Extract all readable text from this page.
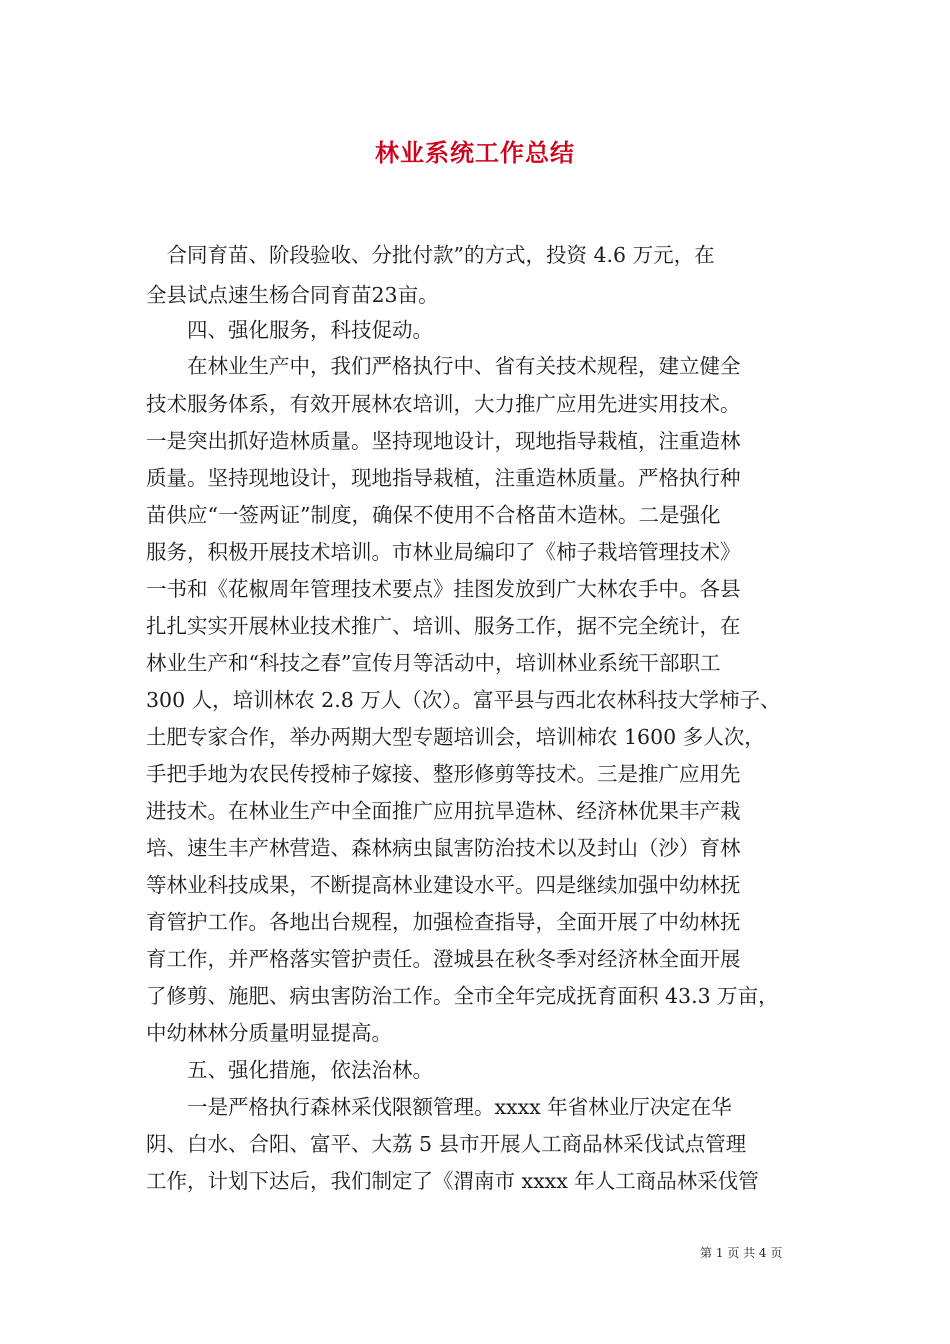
林业系统工作总结
　合同育苗、阶段验收、分批付款”的方式，投资 4.6 万元，在
全县试点速生杨合同育苗23亩。
　　四、强化服务，科技促动。
　　在林业生产中，我们严格执行中、省有关技术规程，建立健全
技术服务体系，有效开展林农培训，大力推广应用先进实用技术。
一是突出抓好造林质量。坚持现地设计，现地指导栽植，注重造林
质量。坚持现地设计，现地指导栽植，注重造林质量。严格执行种
苗供应“一签两证”制度，确保不使用不合格苗木造林。二是强化
服务，积极开展技术培训。市林业局编印了《柿子栽培管理技术》
一书和《花椒周年管理技术要点》挂图发放到广大林农手中。各县
扎扎实实开展林业技术推广、培训、服务工作，据不完全统计，在
林业生产和“科技之春”宣传月等活动中，培训林业系统干部职工
300 人，培训林农 2.8 万人（次）。富平县与西北农林科技大学柿子、
土肥专家合作，举办两期大型专题培训会，培训柿农 1600 多人次，
手把手地为农民传授柿子嫁接、整形修剪等技术。三是推广应用先
进技术。在林业生产中全面推广应用抗旱造林、经济林优果丰产栽
培、速生丰产林营造、森林病虫鼠害防治技术以及封山（沙）育林
等林业科技成果，不断提高林业建设水平。四是继续加强中幼林抚
育管护工作。各地出台规程，加强检查指导，全面开展了中幼林抚
育工作，并严格落实管护责任。澄城县在秋冬季对经济林全面开展
了修剪、施肥、病虫害防治工作。全市全年完成抚育面积 43.3 万亩，
中幼林林分质量明显提高。
　　五、强化措施，依法治林。
　　一是严格执行森林采伐限额管理。xxxx 年省林业厅决定在华
阴、白水、合阳、富平、大荔 5 县市开展人工商品林采伐试点管理
工作，计划下达后，我们制定了《渭南市 xxxx 年人工商品林采伐管
第 1 页 共 4 页
